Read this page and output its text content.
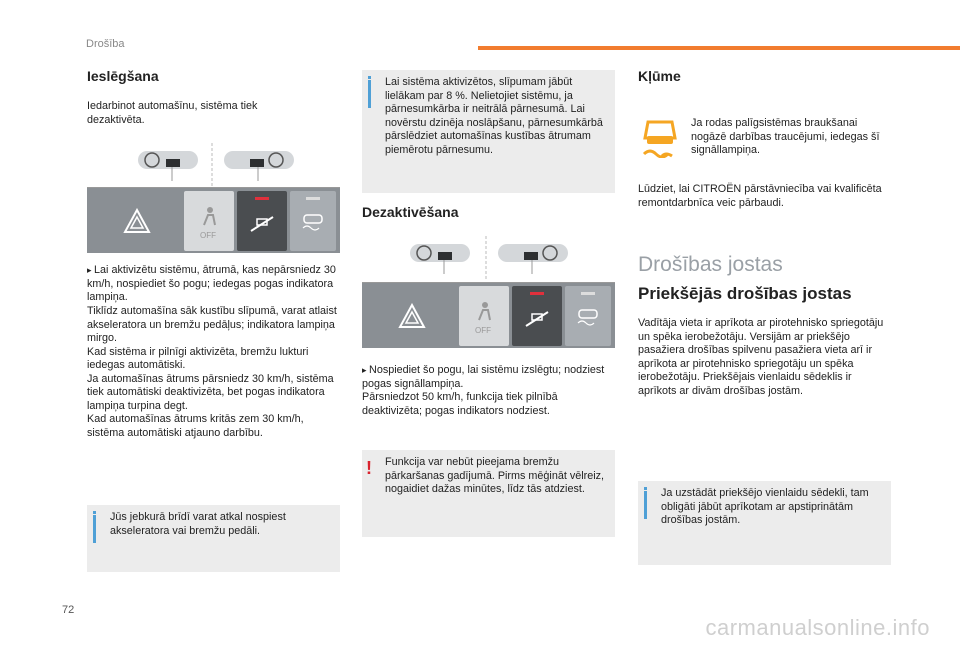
Drošība
Ieslēgšana
Iedarbinot automašīnu, sistēma tiek dezaktivēta.
OFF
▸ Lai aktivizētu sistēmu, ātrumā, kas nepārsniedz 30 km/h, nospiediet šo pogu; iedegas pogas indikatora lampiņa.
Tiklīdz automašīna sāk kustību slīpumā, varat atlaist akseleratora un bremžu pedāļus; indikatora lampiņa mirgo.
Kad sistēma ir pilnīgi aktivizēta, bremžu lukturi iedegas automātiski.
Ja automašīnas ātrums pārsniedz 30 km/h, sistēma tiek automātiski deaktivizēta, bet pogas indikatora lampiņa turpina degt.
Kad automašīnas ātrums kritās zem 30 km/h, sistēma automātiski atjauno darbību.
Jūs jebkurā brīdī varat atkal nospiest akseleratora vai bremžu pedāli.
Lai sistēma aktivizētos, slīpumam jābūt lielākam par 8 %. Nelietojiet sistēmu, ja pārnesumkārba ir neitrālā pārnesumā. Lai novērstu dzinēja noslāpšanu, pārnesumkārbā pārslēdziet automašīnas kustības ātrumam piemērotu pārnesumu.
Dezaktivēšana
OFF
▸ Nospiediet šo pogu, lai sistēmu izslēgtu; nodziest pogas signāllampiņa.
Pārsniedzot 50 km/h, funkcija tiek pilnībā deaktivizēta; pogas indikators nodziest.
! Funkcija var nebūt pieejama bremžu pārkaršanas gadījumā. Pirms mēģināt vēlreiz, nogaidiet dažas minūtes, līdz tās atdziest.
Kļūme
Ja rodas palīgsistēmas braukšanai nogāzē darbības traucējumi, iedegas šī signāllampiņa.
Lūdziet, lai CITROËN pārstāvniecība vai kvalificēta remontdarbnīca veic pārbaudi.
Drošības jostas
Priekšējās drošības jostas
Vadītāja vieta ir aprīkota ar pirotehnisko spriegotāju un spēka ierobežotāju. Versijām ar priekšējo pasažiera drošības spilvenu pasažiera vieta arī ir aprīkota ar pirotehnisko spriegotāju un spēka ierobežotāju. Priekšējais vienlaidu sēdeklis ir aprīkots ar divām drošības jostām.
Ja uzstādāt priekšējo vienlaidu sēdekli, tam obligāti jābūt aprīkotam ar apstiprinātām drošības jostām.
72
carmanualsonline.info
